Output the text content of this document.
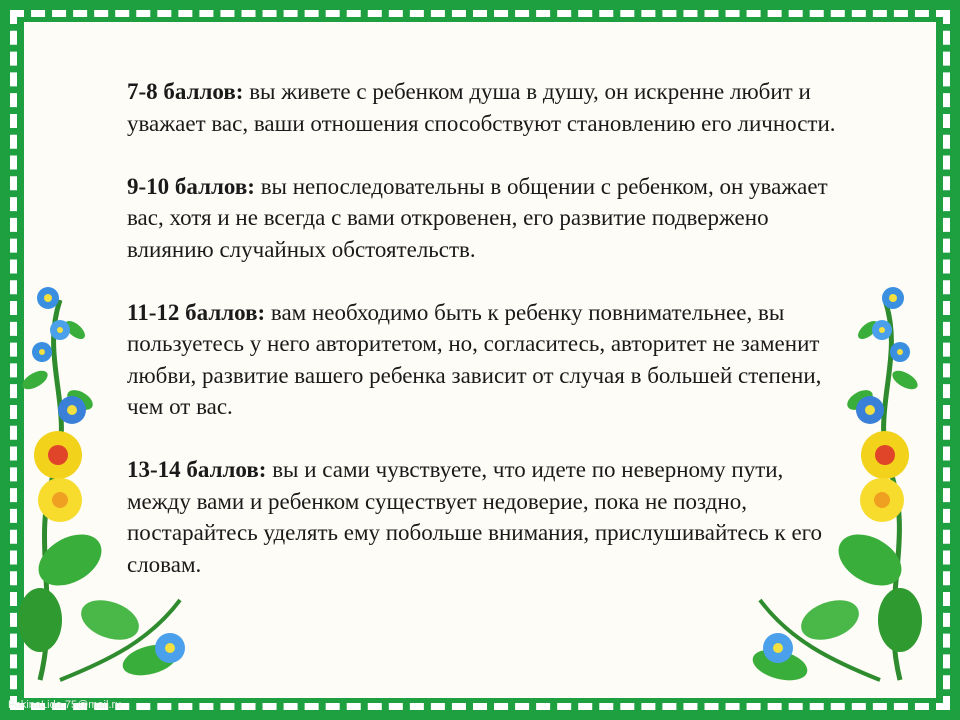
7-8 баллов: вы живете с ребенком душа в душу, он искренне любит и уважает вас, ваши отношения способствуют становлению его личности.

9-10 баллов: вы непоследовательны в общении с ребенком, он уважает вас, хотя и не всегда с вами откровенен, его развитие подвержено влиянию случайных обстоятельств.

11-12 баллов: вам необходимо быть к ребенку повнимательнее, вы пользуетесь у него авторитетом, но, согласитесь, авторитет не заменит любви, развитие вашего ребенка зависит от случая в большей степени, чем от вас.

13-14 баллов: вы и сами чувствуете, что идете по неверному пути, между вами и ребенком существует недоверие, пока не поздно, постарайтесь уделять ему побольше внимания, прислушивайтесь к его словам.

FokinaLida.75@mail.ru
